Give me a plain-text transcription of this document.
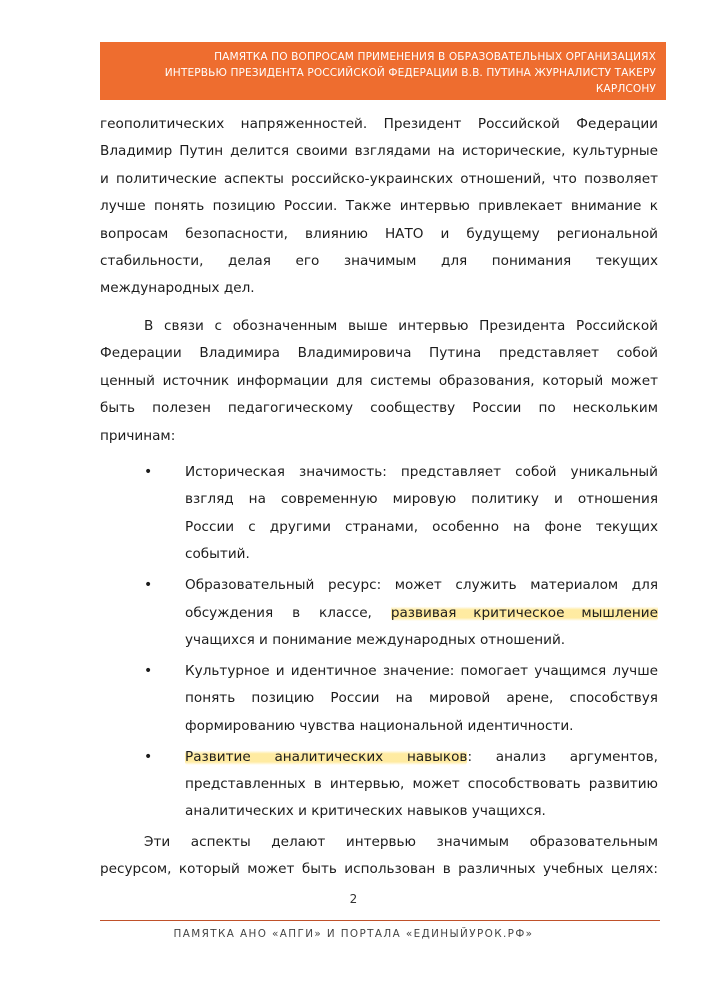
ПАМЯТКА ПО ВОПРОСАМ ПРИМЕНЕНИЯ В ОБРАЗОВАТЕЛЬНЫХ ОРГАНИЗАЦИЯХ
ИНТЕРВЬЮ ПРЕЗИДЕНТА РОССИЙСКОЙ ФЕДЕРАЦИИ В.В. ПУТИНА ЖУРНАЛИСТУ ТАКЕРУ
КАРЛСОНУ
геополитических напряженностей. Президент Российской Федерации
Владимир Путин делится своими взглядами на исторические, культурные
и политические аспекты российско-украинских отношений, что позволяет
лучше понять позицию России. Также интервью привлекает внимание к
вопросам безопасности, влиянию НАТО и будущему региональной
стабильности, делая его значимым для понимания текущих
международных дел.
В связи с обозначенным выше интервью Президента Российской
Федерации Владимира Владимировича Путина представляет собой
ценный источник информации для системы образования, который может
быть полезен педагогическому сообществу России по нескольким
причинам:
• Историческая значимость: представляет собой уникальный
взгляд на современную мировую политику и отношения
России с другими странами, особенно на фоне текущих
событий.
• Образовательный ресурс: может служить материалом для
обсуждения в классе, развивая критическое мышление
учащихся и понимание международных отношений.
• Культурное и идентичное значение: помогает учащимся лучше
понять позицию России на мировой арене, способствуя
формированию чувства национальной идентичности.
• Развитие аналитических навыков: анализ аргументов,
представленных в интервью, может способствовать развитию
аналитических и критических навыков учащихся.
Эти аспекты делают интервью значимым образовательным
ресурсом, который может быть использован в различных учебных целях:
2
ПАМЯТКА АНО «АПГИ» И ПОРТАЛА «ЕДИНЫЙУРОК.РФ»
